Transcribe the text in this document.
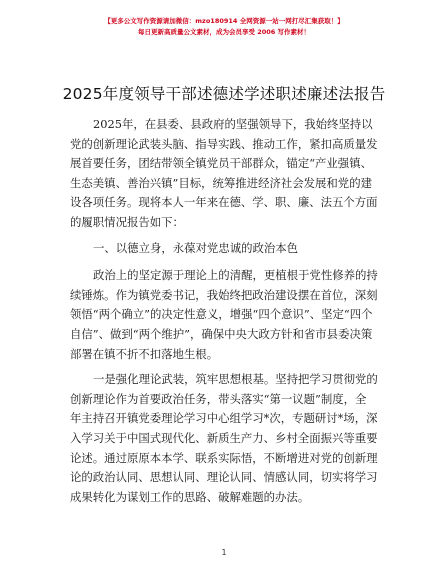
【更多公文写作资源请加微信：mzo180914 全网资源一站一网打尽汇集获取！】
每日更新高质量公文素材，成为会员享受 2006 写作素材！
2025年度领导干部述德述学述职述廉述法报告
2025年，在县委、县政府的坚强领导下，我始终坚持以
党的创新理论武装头脑、指导实践、推动工作，紧扣高质量发
展首要任务，团结带领全镇党员干部群众，锚定“产业强镇、
生态美镇、善治兴镇”目标，统筹推进经济社会发展和党的建
设各项任务。现将本人一年来在德、学、职、廉、法五个方面
的履职情况报告如下：
一、以德立身，永葆对党忠诚的政治本色
政治上的坚定源于理论上的清醒，更植根于党性修养的持
续锤炼。作为镇党委书记，我始终把政治建设摆在首位，深刻
领悟“两个确立”的决定性意义，增强“四个意识”、坚定“四个
自信”、做到“两个维护”，确保中央大政方针和省市县委决策
部署在镇不折不扣落地生根。
一是强化理论武装，筑牢思想根基。坚持把学习贯彻党的
创新理论作为首要政治任务，带头落实“第一议题”制度，全
年主持召开镇党委理论学习中心组学习*次，专题研讨*场，深
入学习关于中国式现代化、新质生产力、乡村全面振兴等重要
论述。通过原原本本学、联系实际悟，不断增进对党的创新理
论的政治认同、思想认同、理论认同、情感认同，切实将学习
成果转化为谋划工作的思路、破解难题的办法。
1
